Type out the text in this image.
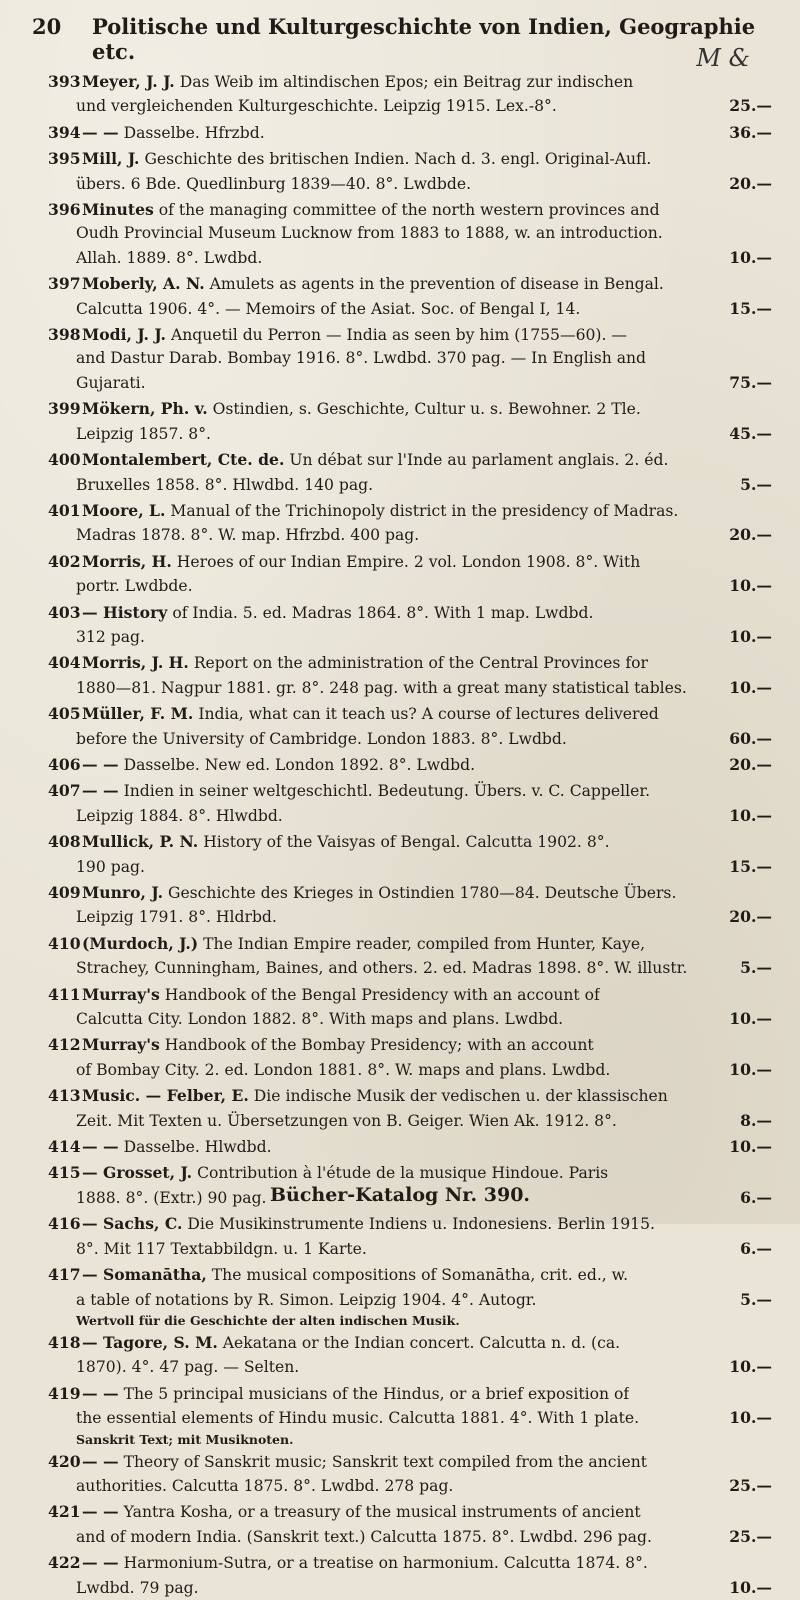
20	Politische und Kulturgeschichte von Indien, Geographie etc.	M &
393Meyer, J. J. Das Weib im altindischen Epos; ein Beitrag zur indischen
und vergleichenden Kulturgeschichte. Leipzig 1915. Lex.-8°.	25.—
394— — Dasselbe. Hfrzbd.	36.—
395Mill, J. Geschichte des britischen Indien. Nach d. 3. engl. Original-Aufl.
übers. 6 Bde. Quedlinburg 1839—40. 8°. Lwdbde.	20.—
396Minutes of the managing committee of the north western provinces and
Oudh Provincial Museum Lucknow from 1883 to 1888, w. an introduction.
Allah. 1889. 8°. Lwdbd.	10.—
397Moberly, A. N. Amulets as agents in the prevention of disease in Bengal.
Calcutta 1906. 4°. — Memoirs of the Asiat. Soc. of Bengal I, 14.	15.—
398Modi, J. J. Anquetil du Perron — India as seen by him (1755—60). —
and Dastur Darab. Bombay 1916. 8°. Lwdbd. 370 pag. — In English and
Gujarati.	75.—
399Mökern, Ph. v. Ostindien, s. Geschichte, Cultur u. s. Bewohner. 2 Tle.
Leipzig 1857. 8°.	45.—
400Montalembert, Cte. de. Un débat sur l'Inde au parlament anglais. 2. éd.
Bruxelles 1858. 8°. Hlwdbd. 140 pag.	5.—
401Moore, L. Manual of the Trichinopoly district in the presidency of Madras.
Madras 1878. 8°. W. map. Hfrzbd. 400 pag.	20.—
402Morris, H. Heroes of our Indian Empire. 2 vol. London 1908. 8°. With
portr. Lwdbde.	10.—
403— History of India. 5. ed. Madras 1864. 8°. With 1 map. Lwdbd.
312 pag.	10.—
404Morris, J. H. Report on the administration of the Central Provinces for
1880—81. Nagpur 1881. gr. 8°. 248 pag. with a great many statistical tables.	10.—
405Müller, F. M. India, what can it teach us? A course of lectures delivered
before the University of Cambridge. London 1883. 8°. Lwdbd.	60.—
406— — Dasselbe. New ed. London 1892. 8°. Lwdbd.	20.—
407— — Indien in seiner weltgeschichtl. Bedeutung. Übers. v. C. Cappeller.
Leipzig 1884. 8°. Hlwdbd.	10.—
408Mullick, P. N. History of the Vaisyas of Bengal. Calcutta 1902. 8°.
190 pag.	15.—
409Munro, J. Geschichte des Krieges in Ostindien 1780—84. Deutsche Übers.
Leipzig 1791. 8°. Hldrbd.	20.—
410(Murdoch, J.) The Indian Empire reader, compiled from Hunter, Kaye,
Strachey, Cunningham, Baines, and others. 2. ed. Madras 1898. 8°. W. illustr.	5.—
411Murray's Handbook of the Bengal Presidency with an account of
Calcutta City. London 1882. 8°. With maps and plans. Lwdbd.	10.—
412Murray's Handbook of the Bombay Presidency; with an account
of Bombay City. 2. ed. London 1881. 8°. W. maps and plans. Lwdbd.	10.—
413Music. — Felber, E. Die indische Musik der vedischen u. der klassischen
Zeit. Mit Texten u. Übersetzungen von B. Geiger. Wien Ak. 1912. 8°.	8.—
414— — Dasselbe. Hlwdbd.	10.—
415— Grosset, J. Contribution à l'étude de la musique Hindoue. Paris
1888. 8°. (Extr.) 90 pag.	6.—
416— Sachs, C. Die Musikinstrumente Indiens u. Indonesiens. Berlin 1915.
8°. Mit 117 Textabbildgn. u. 1 Karte.	6.—
417— Somanātha, The musical compositions of Somanātha, crit. ed., w.
a table of notations by R. Simon. Leipzig 1904. 4°. Autogr.	5.—
Wertvoll für die Geschichte der alten indischen Musik.
418— Tagore, S. M. Aekatana or the Indian concert. Calcutta n. d. (ca.
1870). 4°. 47 pag. — Selten.	10.—
419— — The 5 principal musicians of the Hindus, or a brief exposition of
the essential elements of Hindu music. Calcutta 1881. 4°. With 1 plate.	10.—
Sanskrit Text; mit Musiknoten.
420— — Theory of Sanskrit music; Sanskrit text compiled from the ancient
authorities. Calcutta 1875. 8°. Lwdbd. 278 pag.	25.—
421— — Yantra Kosha, or a treasury of the musical instruments of ancient
and of modern India. (Sanskrit text.) Calcutta 1875. 8°. Lwdbd. 296 pag.	25.—
422— — Harmonium-Sutra, or a treatise on harmonium. Calcutta 1874. 8°.
Lwdbd. 79 pag.	10.—
Bücher-Katalog Nr. 390.
